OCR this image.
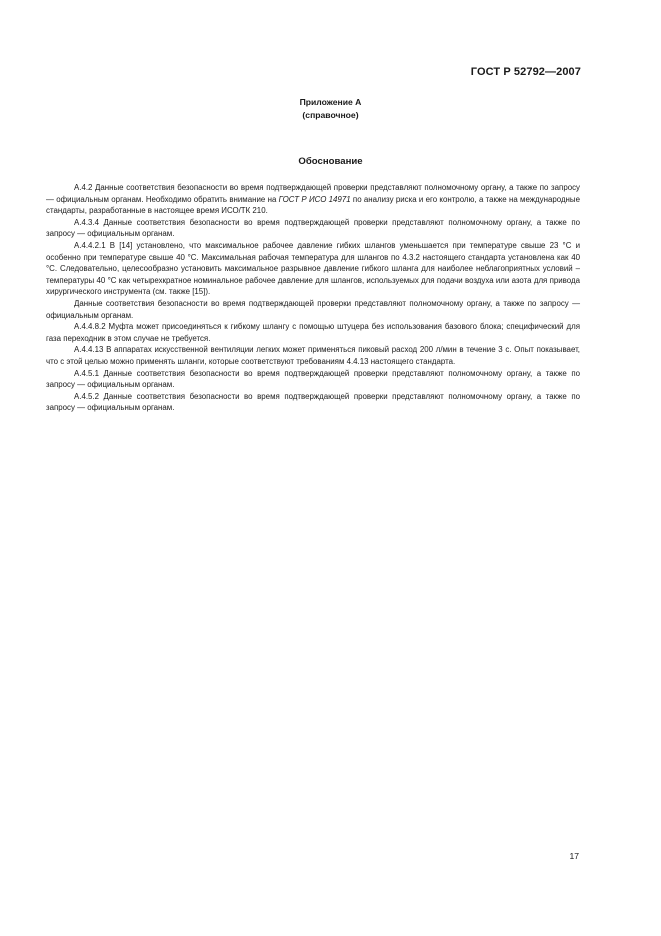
ГОСТ Р 52792—2007
Приложение А
(справочное)
Обоснование

А.4.2 Данные соответствия безопасности во время подтверждающей проверки представляют полномочному органу, а также по запросу — официальным органам. Необходимо обратить внимание на ГОСТ Р ИСО 14971 по анализу риска и его контролю, а также на международные стандарты, разработанные в настоящее время ИСО/ТК 210.

А.4.3.4 Данные соответствия безопасности во время подтверждающей проверки представляют полномочному органу, а также по запросу — официальным органам.

А.4.4.2.1 В [14] установлено, что максимальное рабочее давление гибких шлангов уменьшается при температуре свыше 23 °С и особенно при температуре свыше 40 °С. Максимальная рабочая температура для шлангов по 4.3.2 настоящего стандарта установлена как 40 °С. Следовательно, целесообразно установить максимальное разрывное давление гибкого шланга для наиболее неблагоприятных условий – температуры 40 °С как четырехкратное номинальное рабочее давление для шлангов, используемых для подачи воздуха или азота для привода хирургического инструмента (см. также [15]).

Данные соответствия безопасности во время подтверждающей проверки представляют полномочному органу, а также по запросу — официальным органам.

А.4.4.8.2 Муфта может присоединяться к гибкому шлангу с помощью штуцера без использования базового блока; специфический для газа переходник в этом случае не требуется.

А.4.4.13 В аппаратах искусственной вентиляции легких может применяться пиковый расход 200 л/мин в течение 3 с. Опыт показывает, что с этой целью можно применять шланги, которые соответствуют требованиям 4.4.13 настоящего стандарта.

А.4.5.1 Данные соответствия безопасности во время подтверждающей проверки представляют полномочному органу, а также по запросу — официальным органам.

А.4.5.2 Данные соответствия безопасности во время подтверждающей проверки представляют полномочному органу, а также по запросу — официальным органам.

17
